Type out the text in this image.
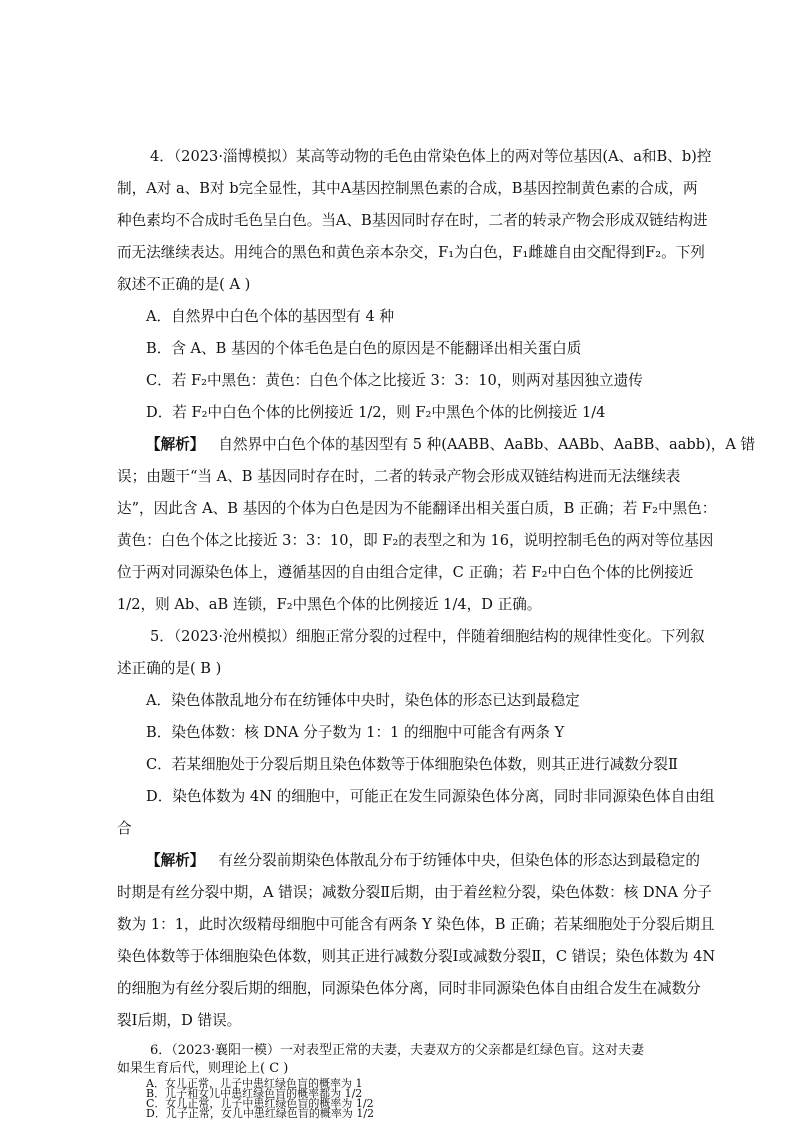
4．（2023·淄博模拟）某高等动物的毛色由常染色体上的两对等位基因(A、a和B、b)控
制，A对 a、B对 b完全显性，其中A基因控制黑色素的合成，B基因控制黄色素的合成，两
种色素均不合成时毛色呈白色。当A、B基因同时存在时，二者的转录产物会形成双链结构进
而无法继续表达。用纯合的黑色和黄色亲本杂交，F₁为白色，F₁雌雄自由交配得到F₂。下列
叙述不正确的是( A )
A．自然界中白色个体的基因型有 4 种
B．含 A、B 基因的个体毛色是白色的原因是不能翻译出相关蛋白质
C．若 F₂中黑色：黄色：白色个体之比接近 3：3：10，则两对基因独立遗传
D．若 F₂中白色个体的比例接近 1/2，则 F₂中黑色个体的比例接近 1/4
【解析】 自然界中白色个体的基因型有 5 种(AABB、AaBb、AABb、AaBB、aabb)，A 错
误；由题干“当 A、B 基因同时存在时，二者的转录产物会形成双链结构进而无法继续表
达”，因此含 A、B 基因的个体为白色是因为不能翻译出相关蛋白质，B 正确；若 F₂中黑色：
黄色：白色个体之比接近 3：3：10，即 F₂的表型之和为 16，说明控制毛色的两对等位基因
位于两对同源染色体上，遵循基因的自由组合定律，C 正确；若 F₂中白色个体的比例接近
1/2，则 Ab、aB 连锁，F₂中黑色个体的比例接近 1/4，D 正确。
5．（2023·沧州模拟）细胞正常分裂的过程中，伴随着细胞结构的规律性变化。下列叙
述正确的是( B )
A．染色体散乱地分布在纺锤体中央时，染色体的形态已达到最稳定
B．染色体数：核 DNA 分子数为 1：1 的细胞中可能含有两条 Y
C．若某细胞处于分裂后期且染色体数等于体细胞染色体数，则其正进行减数分裂Ⅱ
D．染色体数为 4N 的细胞中，可能正在发生同源染色体分离，同时非同源染色体自由组
合
【解析】 有丝分裂前期染色体散乱分布于纺锤体中央，但染色体的形态达到最稳定的
时期是有丝分裂中期，A 错误；减数分裂Ⅱ后期，由于着丝粒分裂，染色体数：核 DNA 分子
数为 1：1，此时次级精母细胞中可能含有两条 Y 染色体，B 正确；若某细胞处于分裂后期且
染色体数等于体细胞染色体数，则其正进行减数分裂Ⅰ或减数分裂Ⅱ，C 错误；染色体数为 4N
的细胞为有丝分裂后期的细胞，同源染色体分离，同时非同源染色体自由组合发生在减数分
裂Ⅰ后期，D 错误。
6．（2023·襄阳一模）一对表型正常的夫妻，夫妻双方的父亲都是红绿色盲。这对夫妻
如果生育后代，则理论上( C )
A．女儿正常，儿子中患红绿色盲的概率为 1
B．儿子和女儿中患红绿色盲的概率都为 1/2
C．女儿正常，儿子中患红绿色盲的概率为 1/2
D．儿子正常，女儿中患红绿色盲的概率为 1/2
